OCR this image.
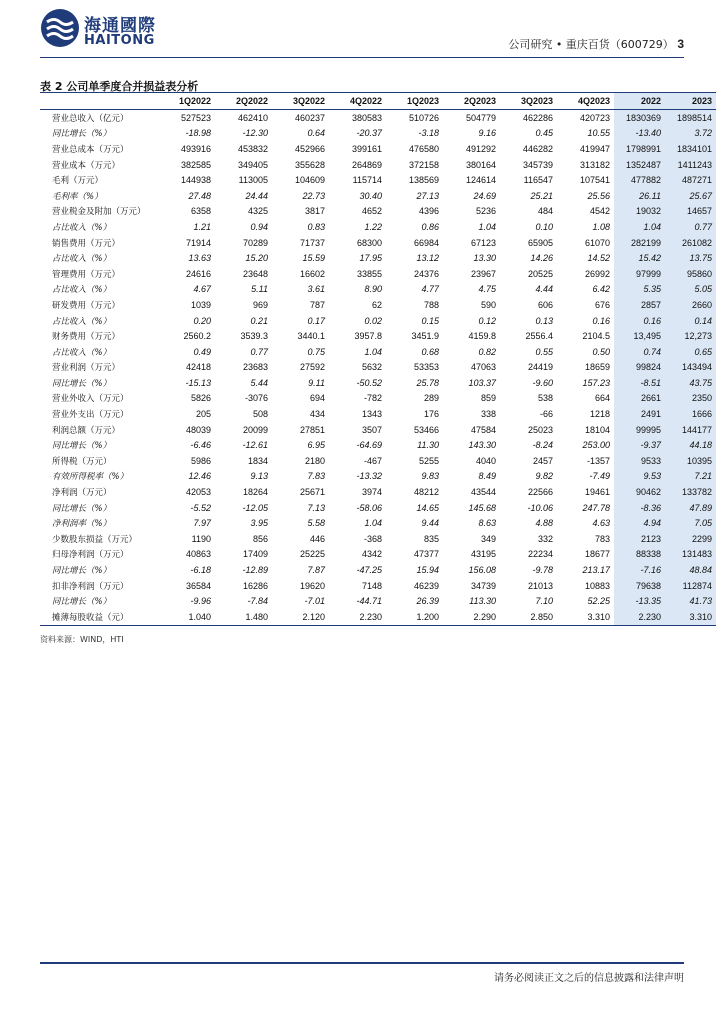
海通國際
HAITONG	公司研究 • 重庆百货（600729） 3
表 2 公司单季度合并损益表分析
	1Q2022	2Q2022	3Q2022	4Q2022	1Q2023	2Q2023	3Q2023	4Q2023	2022	2023
营业总收入（亿元）	527523	462410	460237	380583	510726	504779	462286	420723	1830369	1898514
同比增长（%）	-18.98	-12.30	0.64	-20.37	-3.18	9.16	0.45	10.55	-13.40	3.72
营业总成本（万元）	493916	453832	452966	399161	476580	491292	446282	419947	1798991	1834101
营业成本（万元）	382585	349405	355628	264869	372158	380164	345739	313182	1352487	1411243
毛利（万元）	144938	113005	104609	115714	138569	124614	116547	107541	477882	487271
毛利率（%）	27.48	24.44	22.73	30.40	27.13	24.69	25.21	25.56	26.11	25.67
营业税金及附加（万元）	6358	4325	3817	4652	4396	5236	484	4542	19032	14657
占比收入（%）	1.21	0.94	0.83	1.22	0.86	1.04	0.10	1.08	1.04	0.77
销售费用（万元）	71914	70289	71737	68300	66984	67123	65905	61070	282199	261082
占比收入（%）	13.63	15.20	15.59	17.95	13.12	13.30	14.26	14.52	15.42	13.75
管理费用（万元）	24616	23648	16602	33855	24376	23967	20525	26992	97999	95860
占比收入（%）	4.67	5.11	3.61	8.90	4.77	4.75	4.44	6.42	5.35	5.05
研发费用（万元）	1039	969	787	62	788	590	606	676	2857	2660
占比收入（%）	0.20	0.21	0.17	0.02	0.15	0.12	0.13	0.16	0.16	0.14
财务费用（万元）	2560.2	3539.3	3440.1	3957.8	3451.9	4159.8	2556.4	2104.5	13,495	12,273
占比收入（%）	0.49	0.77	0.75	1.04	0.68	0.82	0.55	0.50	0.74	0.65
营业利润（万元）	42418	23683	27592	5632	53353	47063	24419	18659	99824	143494
同比增长（%）	-15.13	5.44	9.11	-50.52	25.78	103.37	-9.60	157.23	-8.51	43.75
营业外收入（万元）	5826	-3076	694	-782	289	859	538	664	2661	2350
营业外支出（万元）	205	508	434	1343	176	338	-66	1218	2491	1666
利润总额（万元）	48039	20099	27851	3507	53466	47584	25023	18104	99995	144177
同比增长（%）	-6.46	-12.61	6.95	-64.69	11.30	143.30	-8.24	253.00	-9.37	44.18
所得税（万元）	5986	1834	2180	-467	5255	4040	2457	-1357	9533	10395
有效所得税率（%）	12.46	9.13	7.83	-13.32	9.83	8.49	9.82	-7.49	9.53	7.21
净利润（万元）	42053	18264	25671	3974	48212	43544	22566	19461	90462	133782
同比增长（%）	-5.52	-12.05	7.13	-58.06	14.65	145.68	-10.06	247.78	-8.36	47.89
净利润率（%）	7.97	3.95	5.58	1.04	9.44	8.63	4.88	4.63	4.94	7.05
少数股东损益（万元）	1190	856	446	-368	835	349	332	783	2123	2299
归母净利润（万元）	40863	17409	25225	4342	47377	43195	22234	18677	88338	131483
同比增长（%）	-6.18	-12.89	7.87	-47.25	15.94	156.08	-9.78	213.17	-7.16	48.84
扣非净利润（万元）	36584	16286	19620	7148	46239	34739	21013	10883	79638	112874
同比增长（%）	-9.96	-7.84	-7.01	-44.71	26.39	113.30	7.10	52.25	-13.35	41.73
摊薄每股收益（元）	1.040	1.480	2.120	2.230	1.200	2.290	2.850	3.310	2.230	3.310
资料来源：WIND，HTI
请务必阅读正文之后的信息披露和法律声明
